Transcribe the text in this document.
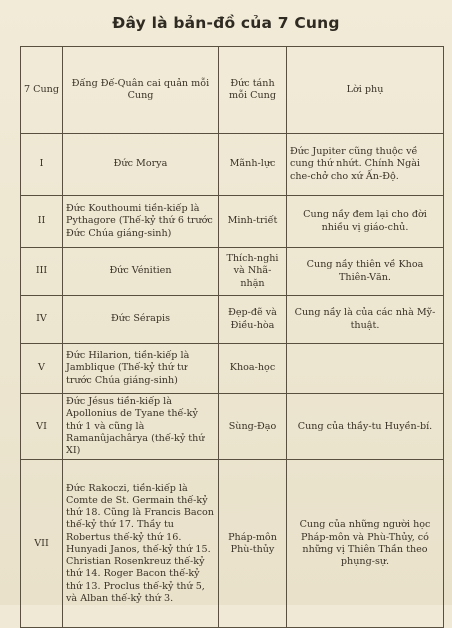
Đây là bản-đồ của 7 Cung
7 Cung	Đấng Đế-Quân cai quản mỗi Cung	Đức tánh mỗi Cung	Lời phụ
I	Đức Morya	Mãnh-lực	Đức Jupiter cũng thuộc về cung thứ nhứt. Chính Ngài che-chở cho xứ Ấn-Độ.
II	Đức Kouthoumi tiền-kiếp là Pythagore (Thế-kỷ thứ 6 trước Đức Chúa giáng-sinh)	Minh-triết	Cung nầy đem lại cho đời nhiều vị giáo-chủ.
III	Đức Vénitien	Thích-nghi và Nhã-nhặn	Cung nầy thiên về Khoa Thiên-Văn.
IV	Đức Sérapis	Đẹp-đẽ và Điều-hòa	Cung nầy là của các nhà Mỹ-thuật.
V	Đức Hilarion, tiền-kiếp là Jamblique (Thế-kỷ thứ tư trước Chúa giáng-sinh)	Khoa-học	
VI	Đức Jésus tiền-kiếp là Apollonius de Tyane thế-kỷ thứ 1 và cũng là Ramanûjachârya (thế-kỷ thứ XI)	Sùng-Đạo	Cung của thầy-tu Huyền-bí.
VII	Đức Rakoczi, tiền-kiếp là Comte de St. Germain thế-kỷ thứ 18. Cũng là Francis Bacon thế-kỷ thứ 17. Thầy tu Robertus thế-kỷ thứ 16. Hunyadi Janos, thế-kỷ thứ 15. Christian Rosenkreuz thế-kỷ thứ 14. Roger Bacon thế-kỷ thứ 13. Proclus thế-kỷ thứ 5, và Alban thế-kỷ thứ 3.	Pháp-môn Phù-thủy	Cung của những người học Pháp-môn và Phù-Thủy, có những vị Thiên Thần theo phụng-sự.
